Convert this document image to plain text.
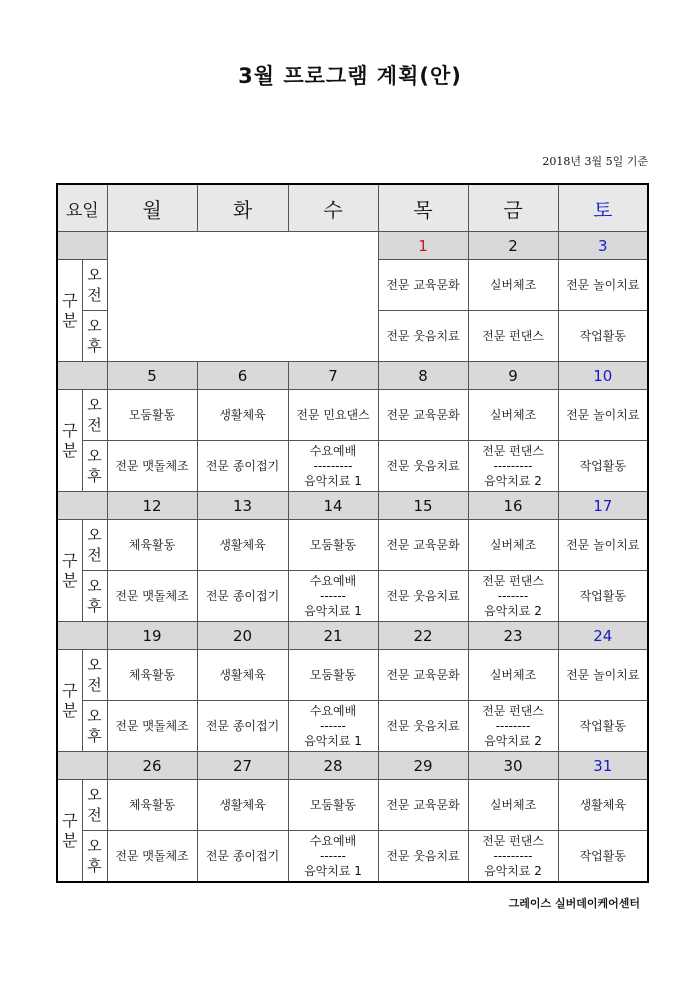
3월 프로그램 계획(안)
2018년 3월 5일 기준
요일		월	화	수	목	금	토
					1	2	3

구
분	오
전				전문 교육문화	실버체조	전문 놀이치료

	오
후				전문 웃음치료	전문 펀댄스	작업활동

		5	6	7	8	9	10

구
분	오
전	모둠활동	생활체육	전문 민요댄스	전문 교육문화	실버체조	전문 놀이치료

	오
후	전문 맷돌체조	전문 종이접기	수요예배
---------
음악치료 1	전문 웃음치료	전문 펀댄스
---------
음악치료 2	작업활동

		12	13	14	15	16	17

구
분	오
전	체육활동	생활체육	모둠활동	전문 교육문화	실버체조	전문 놀이치료

	오
후	전문 맷돌체조	전문 종이접기	수요예배
------
음악치료 1	전문 웃음치료	전문 펀댄스
-------
음악치료 2	작업활동

		19	20	21	22	23	24

구
분	오
전	체육활동	생활체육	모둠활동	전문 교육문화	실버체조	전문 놀이치료

	오
후	전문 맷돌체조	전문 종이접기	수요예배
------
음악치료 1	전문 웃음치료	전문 펀댄스
--------
음악치료 2	작업활동

		26	27	28	29	30	31

구
분	오
전	체육활동	생활체육	모둠활동	전문 교육문화	실버체조	생활체육

	오
후	전문 맷돌체조	전문 종이접기	수요예배
------
음악치료 1	전문 웃음치료	전문 펀댄스
---------
음악치료 2	작업활동
그레이스 실버데이케어센터
